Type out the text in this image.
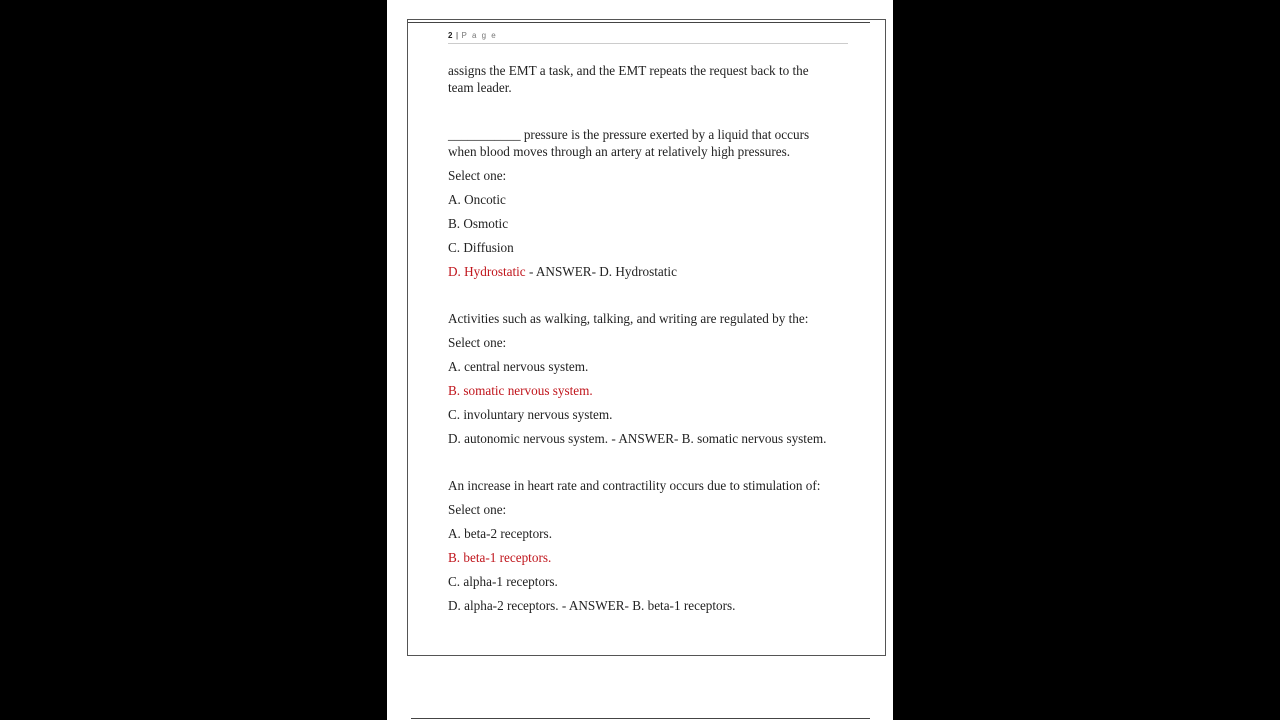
2 | P a g e
assigns the EMT a task, and the EMT repeats the request back to the
team leader.
___________ pressure is the pressure exerted by a liquid that occurs
when blood moves through an artery at relatively high pressures.
Select one:
A. Oncotic
B. Osmotic
C. Diffusion
D. Hydrostatic - ANSWER- D. Hydrostatic
Activities such as walking, talking, and writing are regulated by the:
Select one:
A. central nervous system.
B. somatic nervous system.
C. involuntary nervous system.
D. autonomic nervous system. - ANSWER- B. somatic nervous system.
An increase in heart rate and contractility occurs due to stimulation of:
Select one:
A. beta-2 receptors.
B. beta-1 receptors.
C. alpha-1 receptors.
D. alpha-2 receptors. - ANSWER- B. beta-1 receptors.
